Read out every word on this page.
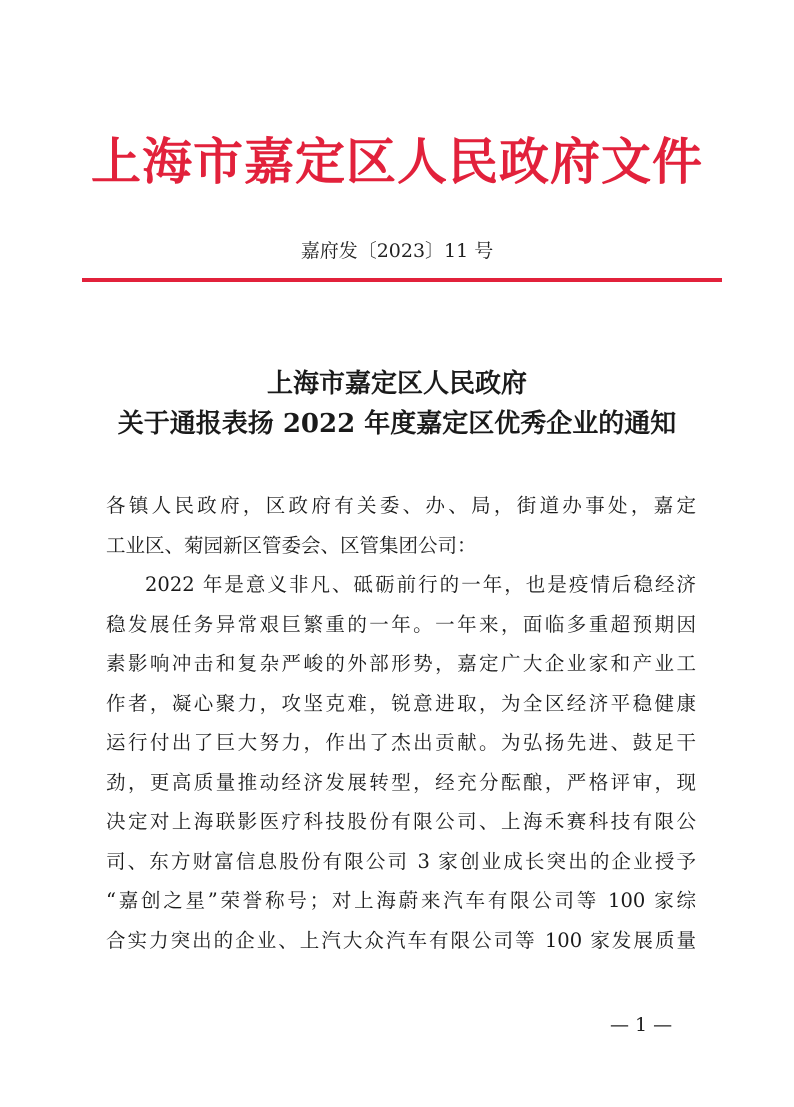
上海市嘉定区人民政府文件
嘉府发〔2023〕11 号
上海市嘉定区人民政府
关于通报表扬 2022 年度嘉定区优秀企业的通知
各镇人民政府，区政府有关委、办、局，街道办事处，嘉定
工业区、菊园新区管委会、区管集团公司：
2022 年是意义非凡、砥砺前行的一年，也是疫情后稳经济
稳发展任务异常艰巨繁重的一年。一年来，面临多重超预期因
素影响冲击和复杂严峻的外部形势，嘉定广大企业家和产业工
作者，凝心聚力，攻坚克难，锐意进取，为全区经济平稳健康
运行付出了巨大努力，作出了杰出贡献。为弘扬先进、鼓足干
劲，更高质量推动经济发展转型，经充分酝酿，严格评审，现
决定对上海联影医疗科技股份有限公司、上海禾赛科技有限公
司、东方财富信息股份有限公司 3 家创业成长突出的企业授予
“嘉创之星”荣誉称号；对上海蔚来汽车有限公司等 100 家综
合实力突出的企业、上汽大众汽车有限公司等 100 家发展质量
— 1 —
